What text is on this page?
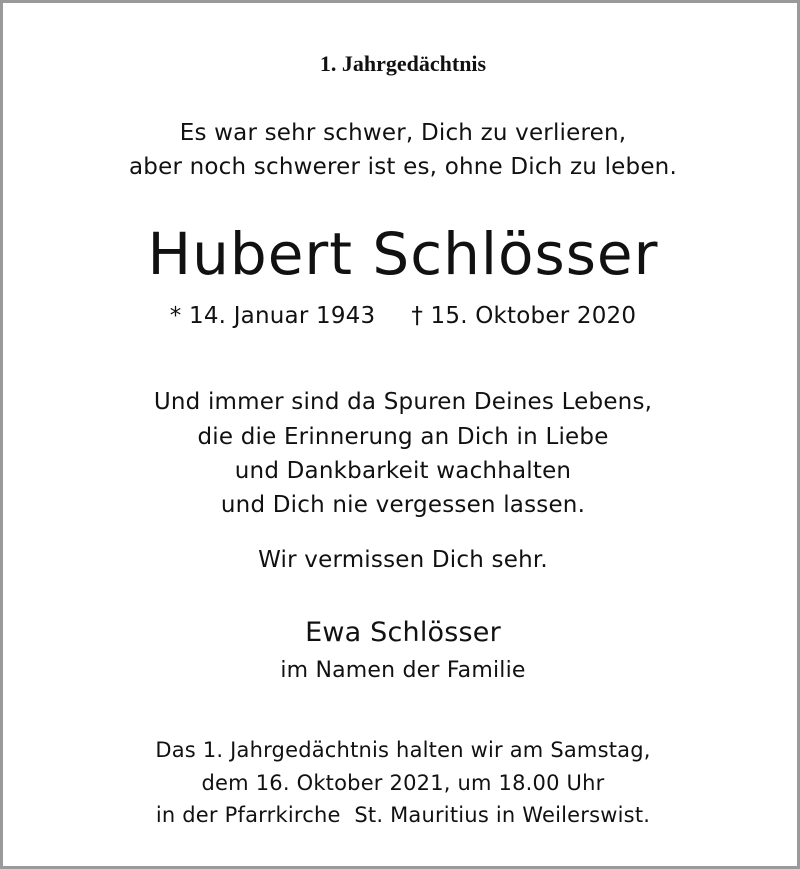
1. Jahrgedächtnis
Es war sehr schwer, Dich zu verlieren,
aber noch schwerer ist es, ohne Dich zu leben.
Hubert Schlösser
* 14. Januar 1943 † 15. Oktober 2020
Und immer sind da Spuren Deines Lebens,
die die Erinnerung an Dich in Liebe
und Dankbarkeit wachhalten
und Dich nie vergessen lassen.
Wir vermissen Dich sehr.
Ewa Schlösser
im Namen der Familie
Das 1. Jahrgedächtnis halten wir am Samstag,
dem 16. Oktober 2021, um 18.00 Uhr
in der Pfarrkirche  St. Mauritius in Weilerswist.
